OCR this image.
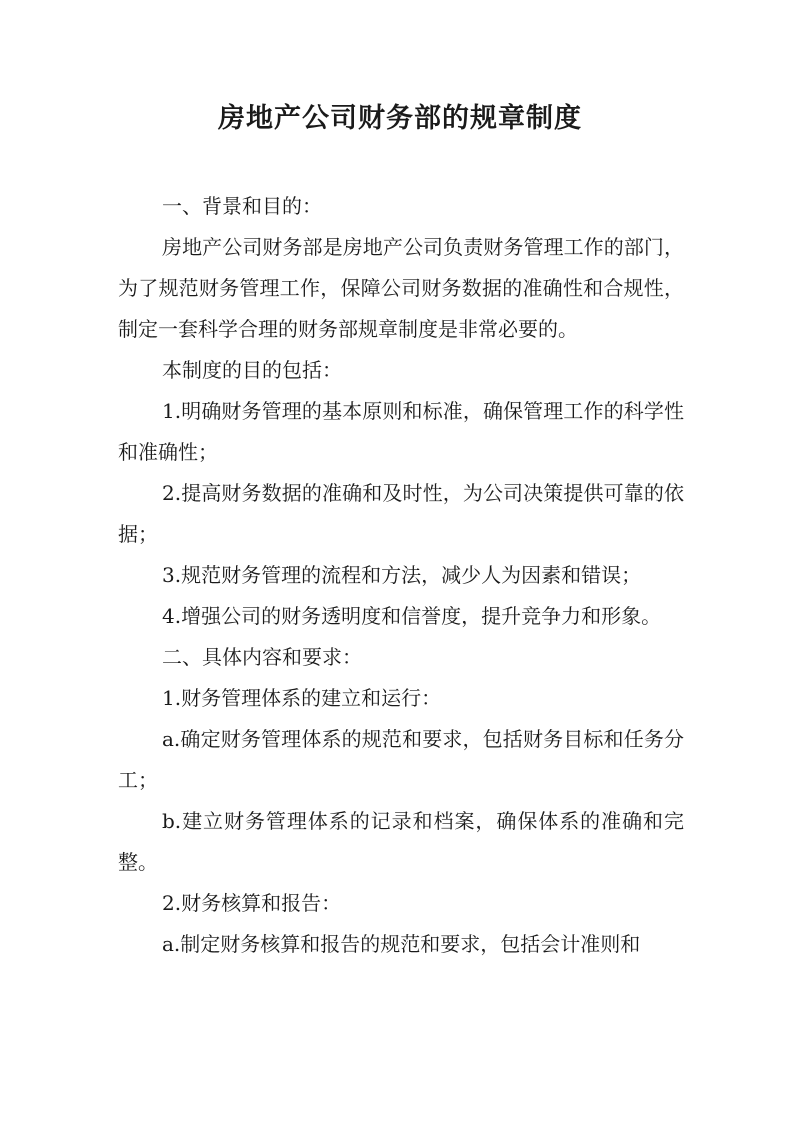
房地产公司财务部的规章制度

一、背景和目的：

房地产公司财务部是房地产公司负责财务管理工作的部门，为了规范财务管理工作，保障公司财务数据的准确性和合规性，制定一套科学合理的财务部规章制度是非常必要的。

本制度的目的包括：

1.明确财务管理的基本原则和标准，确保管理工作的科学性和准确性；

2.提高财务数据的准确和及时性，为公司决策提供可靠的依据；

3.规范财务管理的流程和方法，减少人为因素和错误；

4.增强公司的财务透明度和信誉度，提升竞争力和形象。

二、具体内容和要求：

1.财务管理体系的建立和运行：

a.确定财务管理体系的规范和要求，包括财务目标和任务分工；

b.建立财务管理体系的记录和档案，确保体系的准确和完整。

2.财务核算和报告：

a.制定财务核算和报告的规范和要求，包括会计准则和
